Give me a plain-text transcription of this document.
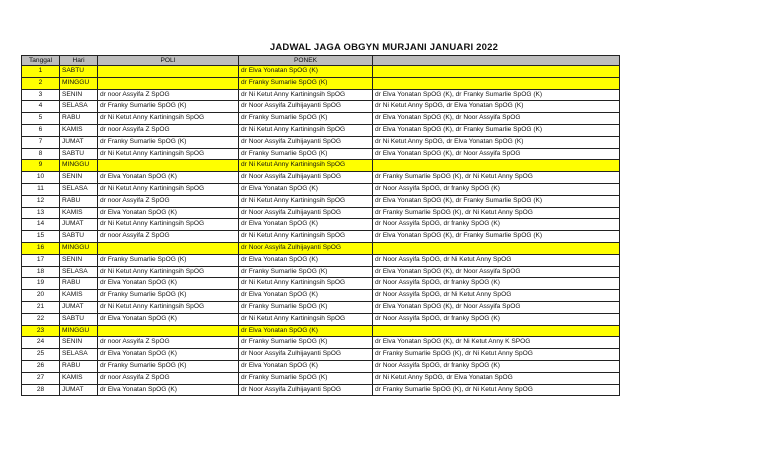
JADWAL JAGA OBGYN MURJANI JANUARI 2022
Tanggal	Hari	POLI	PONEK	
1	SABTU		dr Elva Yonatan SpOG (K)	
2	MINGGU		dr Franky Sumarlie SpOG (K)	
3	SENIN	dr noor Assyifa Z SpOG	dr Ni Ketut Anny Kartiningsih SpOG	dr Elva Yonatan SpOG (K), dr Franky Sumarlie SpOG (K)
4	SELASA	dr Franky Sumarlie SpOG (K)	dr Noor Assyifa Zulhijayanti SpOG	dr Ni Ketut Anny SpOG, dr Elva Yonatan SpOG (K)
5	RABU	dr Ni Ketut Anny Kartiningsih SpOG	dr Franky Sumarlie SpOG (K)	dr Elva Yonatan SpOG (K), dr Noor Assyifa SpOG
6	KAMIS	dr noor Assyifa Z SpOG	dr Ni Ketut Anny Kartiningsih SpOG	dr Elva Yonatan SpOG (K), dr Franky Sumarlie SpOG (K)
7	JUMAT	dr Franky Sumarlie SpOG (K)	dr Noor Assyifa Zulhijayanti SpOG	dr Ni Ketut Anny SpOG, dr Elva Yonatan SpOG (K)
8	SABTU	dr Ni Ketut Anny Kartiningsih SpOG	dr Franky Sumarlie SpOG (K)	dr Elva Yonatan SpOG (K), dr Noor Assyifa SpOG
9	MINGGU		dr Ni Ketut Anny Kartiningsih SpOG	
10	SENIN	dr Elva Yonatan SpOG (K)	dr Noor Assyifa Zulhijayanti SpOG	dr Franky Sumarlie SpOG (K), dr Ni Ketut Anny SpOG
11	SELASA	dr Ni Ketut Anny Kartiningsih SpOG	dr Elva Yonatan SpOG (K)	dr Noor Assyifa SpOG, dr franky SpOG (K)
12	RABU	dr noor Assyifa Z SpOG	dr Ni Ketut Anny Kartiningsih SpOG	dr Elva Yonatan SpOG (K), dr Franky Sumarlie SpOG (K)
13	KAMIS	dr Elva Yonatan SpOG (K)	dr Noor Assyifa Zulhijayanti SpOG	dr Franky Sumarlie SpOG (K), dr Ni Ketut Anny SpOG
14	JUMAT	dr Ni Ketut Anny Kartiningsih SpOG	dr Elva Yonatan SpOG (K)	dr Noor Assyifa SpOG, dr franky SpOG (K)
15	SABTU	dr noor Assyifa Z SpOG	dr Ni Ketut Anny Kartiningsih SpOG	dr Elva Yonatan SpOG (K), dr Franky Sumarlie SpOG (K)
16	MINGGU		dr Noor Assyifa Zulhijayanti SpOG	
17	SENIN	dr Franky Sumarlie SpOG (K)	dr Elva Yonatan SpOG (K)	dr Noor Assyifa SpOG, dr Ni Ketut Anny SpOG
18	SELASA	dr Ni Ketut Anny Kartiningsih SpOG	dr Franky Sumarlie SpOG (K)	dr Elva Yonatan SpOG (K), dr Noor Assyifa SpOG
19	RABU	dr Elva Yonatan SpOG (K)	dr Ni Ketut Anny Kartiningsih SpOG	dr Noor Assyifa SpOG, dr franky SpOG (K)
20	KAMIS	dr Franky Sumarlie SpOG (K)	dr Elva Yonatan SpOG (K)	dr Noor Assyifa SpOG, dr Ni Ketut Anny SpOG
21	JUMAT	dr Ni Ketut Anny Kartiningsih SpOG	dr Franky Sumarlie SpOG (K)	dr Elva Yonatan SpOG (K), dr Noor Assyifa SpOG
22	SABTU	dr Elva Yonatan SpOG (K)	dr Ni Ketut Anny Kartiningsih SpOG	dr Noor Assyifa SpOG, dr franky SpOG (K)
23	MINGGU		dr Elva Yonatan SpOG (K)	
24	SENIN	dr noor Assyifa Z SpOG	dr Franky Sumarlie SpOG (K)	dr Elva Yonatan SpOG (K), dr Ni Ketut Anny K SPOG
25	SELASA	dr Elva Yonatan SpOG (K)	dr Noor Assyifa Zulhijayanti SpOG	dr Franky Sumarlie SpOG (K), dr Ni Ketut Anny SpOG
26	RABU	dr Franky Sumarlie SpOG (K)	dr Elva Yonatan SpOG (K)	dr Noor Assyifa SpOG, dr franky SpOG (K)
27	KAMIS	dr noor Assyifa Z SpOG	dr Franky Sumarlie SpOG (K)	dr Ni Ketut Anny SpOG, dr Elva Yonatan SpOG
28	JUMAT	dr Elva Yonatan SpOG (K)	dr Noor Assyifa Zulhijayanti SpOG	dr Franky Sumarlie SpOG (K), dr Ni Ketut Anny SpOG
